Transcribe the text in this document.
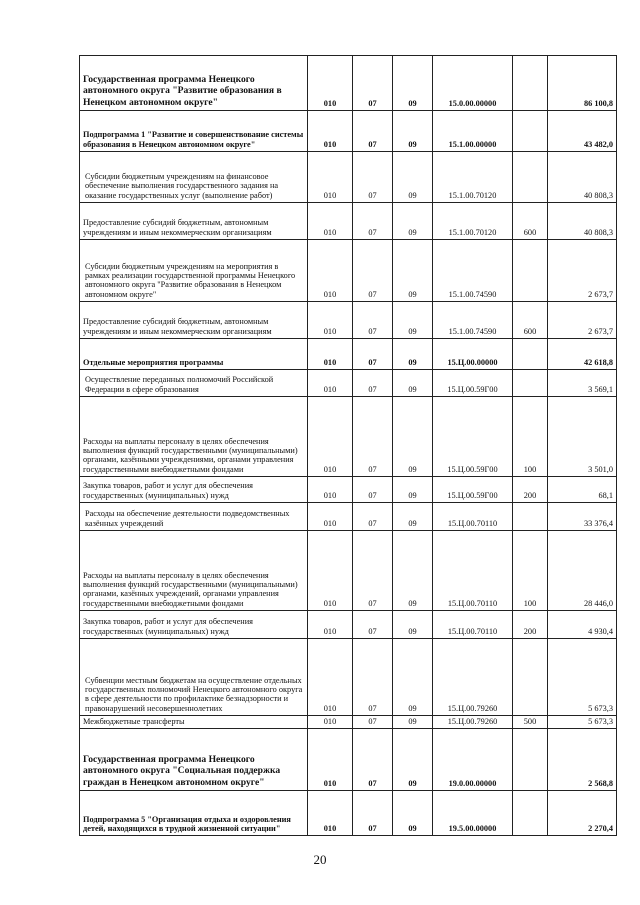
Государственная программа Ненецкого автономного округа "Развитие образования в Ненецком автономном округе"	010	07	09	15.0.00.00000		86 100,8
Подпрограмма 1 "Развитие и совершенствование системы образования в Ненецком автономном округе"	010	07	09	15.1.00.00000		43 482,0
Субсидии бюджетным учреждениям на финансовое обеспечение выполнения государственного задания на оказание государственных услуг (выполнение работ)	010	07	09	15.1.00.70120		40 808,3
Предоставление субсидий бюджетным, автономным учреждениям и иным некоммерческим организациям	010	07	09	15.1.00.70120	600	40 808,3
Субсидии бюджетным учреждениям на мероприятия в рамках реализации государственной программы Ненецкого автономного округа "Развитие образования в Ненецком автономном округе"	010	07	09	15.1.00.74590		2 673,7
Предоставление субсидий бюджетным, автономным учреждениям и иным некоммерческим организациям	010	07	09	15.1.00.74590	600	2 673,7
Отдельные мероприятия программы	010	07	09	15.Ц.00.00000		42 618,8
Осуществление переданных полномочий Российской Федерации в сфере образования	010	07	09	15.Ц.00.59Г00		3 569,1
Расходы на выплаты персоналу в целях обеспечения выполнения функций государственными (муниципальными) органами, казёнными учреждениями, органами управления государственными внебюджетными фондами	010	07	09	15.Ц.00.59Г00	100	3 501,0
Закупка товаров, работ и услуг для обеспечения государственных (муниципальных) нужд	010	07	09	15.Ц.00.59Г00	200	68,1
Расходы на обеспечение деятельности подведомственных казённых учреждений	010	07	09	15.Ц.00.70110		33 376,4
Расходы на выплаты персоналу в целях обеспечения выполнения функций государственными (муниципальными) органами, казённых учреждений, органами управления государственными внебюджетными фондами	010	07	09	15.Ц.00.70110	100	28 446,0
Закупка товаров, работ и услуг для обеспечения государственных (муниципальных) нужд	010	07	09	15.Ц.00.70110	200	4 930,4
Субвенции местным бюджетам на осуществление отдельных государственных полномочий Ненецкого автономного округа в сфере деятельности по профилактике безнадзорности и правонарушений несовершеннолетних	010	07	09	15.Ц.00.79260		5 673,3
Межбюджетные трансферты	010	07	09	15.Ц.00.79260	500	5 673,3
Государственная программа Ненецкого автономного округа "Социальная поддержка граждан в Ненецком автономном округе"	010	07	09	19.0.00.00000		2 568,8
Подпрограмма 5 "Организация отдыха и оздоровления детей, находящихся в трудной жизненной ситуации"	010	07	09	19.5.00.00000		2 270,4
20
